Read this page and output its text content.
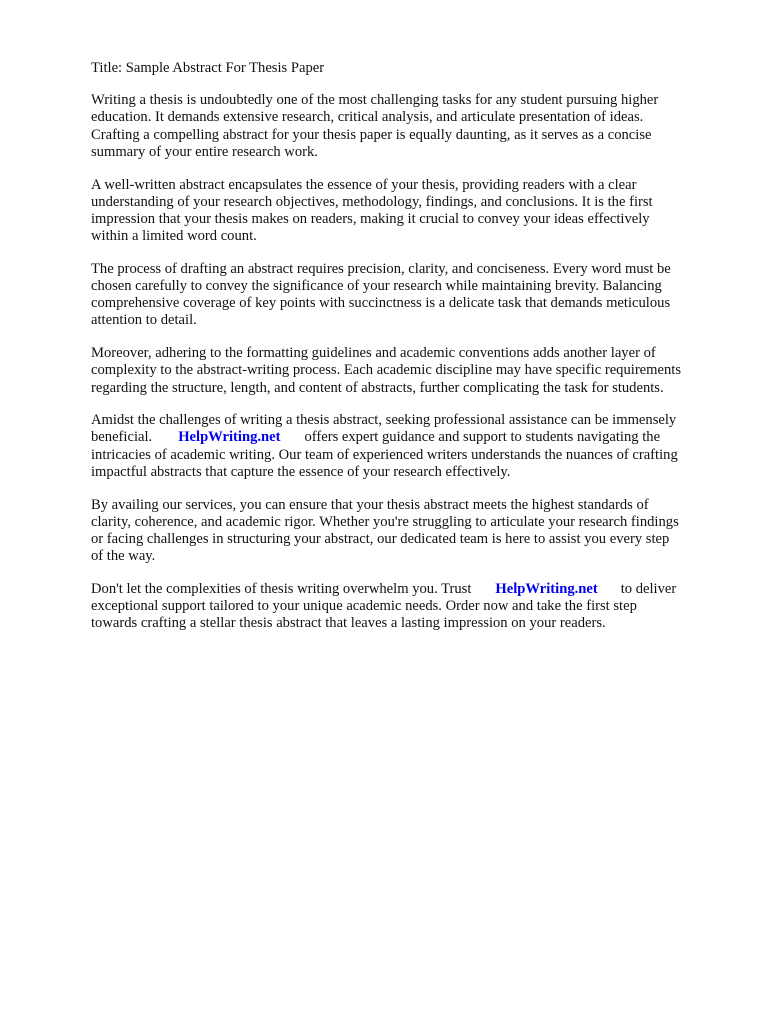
Title: Sample Abstract For Thesis Paper
Writing a thesis is undoubtedly one of the most challenging tasks for any student pursuing higher
education. It demands extensive research, critical analysis, and articulate presentation of ideas.
Crafting a compelling abstract for your thesis paper is equally daunting, as it serves as a concise
summary of your entire research work.
A well-written abstract encapsulates the essence of your thesis, providing readers with a clear
understanding of your research objectives, methodology, findings, and conclusions. It is the first
impression that your thesis makes on readers, making it crucial to convey your ideas effectively
within a limited word count.
The process of drafting an abstract requires precision, clarity, and conciseness. Every word must be
chosen carefully to convey the significance of your research while maintaining brevity. Balancing
comprehensive coverage of key points with succinctness is a delicate task that demands meticulous
attention to detail.
Moreover, adhering to the formatting guidelines and academic conventions adds another layer of
complexity to the abstract-writing process. Each academic discipline may have specific requirements
regarding the structure, length, and content of abstracts, further complicating the task for students.
Amidst the challenges of writing a thesis abstract, seeking professional assistance can be immensely
beneficial. HelpWriting.net offers expert guidance and support to students navigating the
intricacies of academic writing. Our team of experienced writers understands the nuances of crafting
impactful abstracts that capture the essence of your research effectively.
By availing our services, you can ensure that your thesis abstract meets the highest standards of
clarity, coherence, and academic rigor. Whether you're struggling to articulate your research findings
or facing challenges in structuring your abstract, our dedicated team is here to assist you every step
of the way.
Don't let the complexities of thesis writing overwhelm you. Trust HelpWriting.net to deliver
exceptional support tailored to your unique academic needs. Order now and take the first step
towards crafting a stellar thesis abstract that leaves a lasting impression on your readers.
